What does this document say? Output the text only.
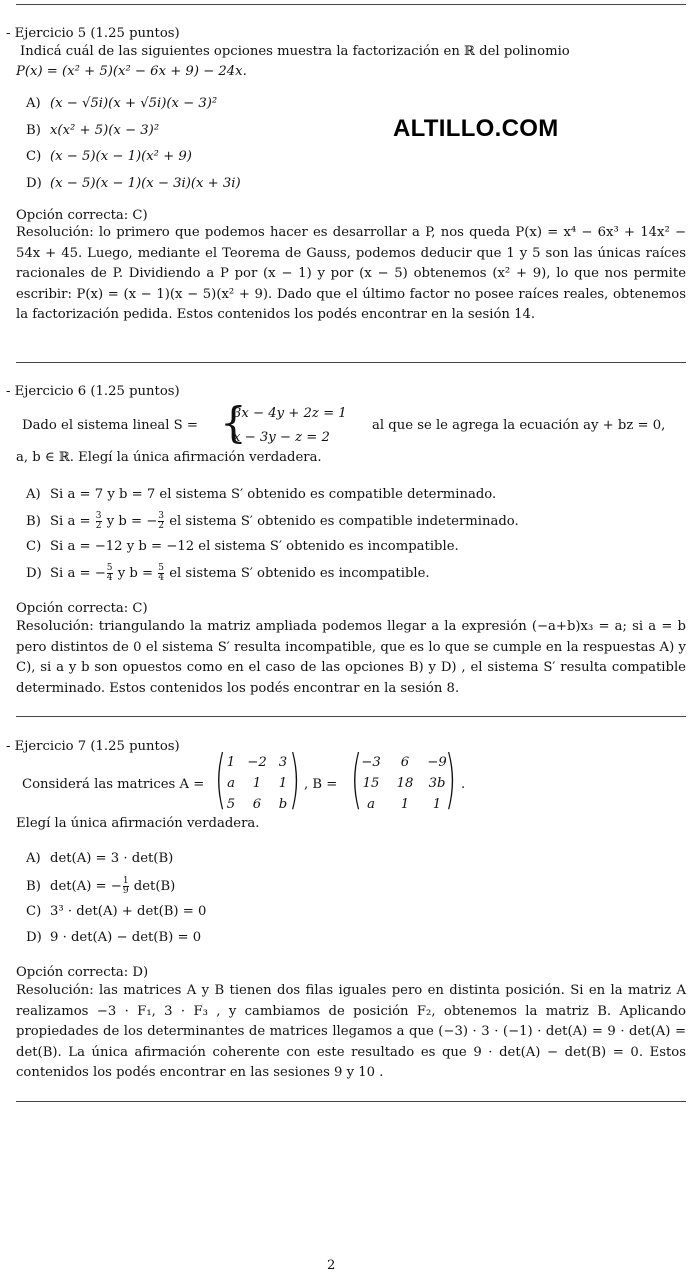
- Ejercicio 5 (1.25 puntos)
Indicá cuál de las siguientes opciones muestra la factorización en ℝ del polinomio
P(x) = (x² + 5)(x² − 6x + 9) − 24x.
A) (x − √5i)(x + √5i)(x − 3)²
B) x(x² + 5)(x − 3)²
C) (x − 5)(x − 1)(x² + 9)
D) (x − 5)(x − 1)(x − 3i)(x + 3i)
ALTILLO.COM
Opción correcta: C)
Resolución: lo primero que podemos hacer es desarrollar a P, nos queda P(x) = x⁴ − 6x³ + 14x² − 54x + 45. Luego, mediante el Teorema de Gauss, podemos deducir que 1 y 5 son las únicas raíces racionales de P. Dividiendo a P por (x − 1) y por (x − 5) obtenemos (x² + 9), lo que nos permite escribir: P(x) = (x − 1)(x − 5)(x² + 9). Dado que el último factor no posee raíces reales, obtenemos la factorización pedida. Estos contenidos los podés encontrar en la sesión 14.
- Ejercicio 6 (1.25 puntos)
Dado el sistema lineal S = {
3x − 4y + 2z = 1
x − 3y − z = 2
al que se le agrega la ecuación ay + bz = 0,
a, b ∈ ℝ. Elegí la única afirmación verdadera.
A) Si a = 7 y b = 7 el sistema S′ obtenido es compatible determinado.
B) Si $a = \frac{3}{2}$ y b = − $\frac{3}{2}$ el sistema S′ obtenido es compatible indeterminado.
C) Si a = −12 y b = −12 el sistema S′ obtenido es incompatible.
D) Si a = − $\frac{5}{4}$ y $b = \frac{5}{4}$ el sistema S′ obtenido es incompatible.
Opción correcta: C)
Resolución: triangulando la matriz ampliada podemos llegar a la expresión (−a+b)x₃ = a; si a = b pero distintos de 0 el sistema S′ resulta incompatible, que es lo que se cumple en la respuestas A) y C), si a y b son opuestos como en el caso de las opciones B) y D) , el sistema S′ resulta compatible determinado. Estos contenidos los podés encontrar en la sesión 8.
- Ejercicio 7 (1.25 puntos)
Considerá las matrices A = ( )
1 −2 3
a	1	1
5	6	b
, B = ( )
−3	6	−9
15	18	3b
a	1	1
.
Elegí la única afirmación verdadera.
A) det(A) = 3 · det(B)
B) det(A) = − $\frac{1}{9} \det(B)$
C) 3³ · det(A) + det(B) = 0
D) 9 · det(A) − det(B) = 0
Opción correcta: D)
Resolución: las matrices A y B tienen dos filas iguales pero en distinta posición. Si en la matriz A realizamos −3 · F₁, 3 · F₃ , y cambiamos de posición F₂, obtenemos la matriz B. Aplicando propiedades de los determinantes de matrices llegamos a que (−3) · 3 · (−1) · det(A) = 9 · det(A) = det(B). La única afirmación coherente con este resultado es que 9 · det(A) − det(B) = 0. Estos contenidos los podés encontrar en las sesiones 9 y 10 .
2
